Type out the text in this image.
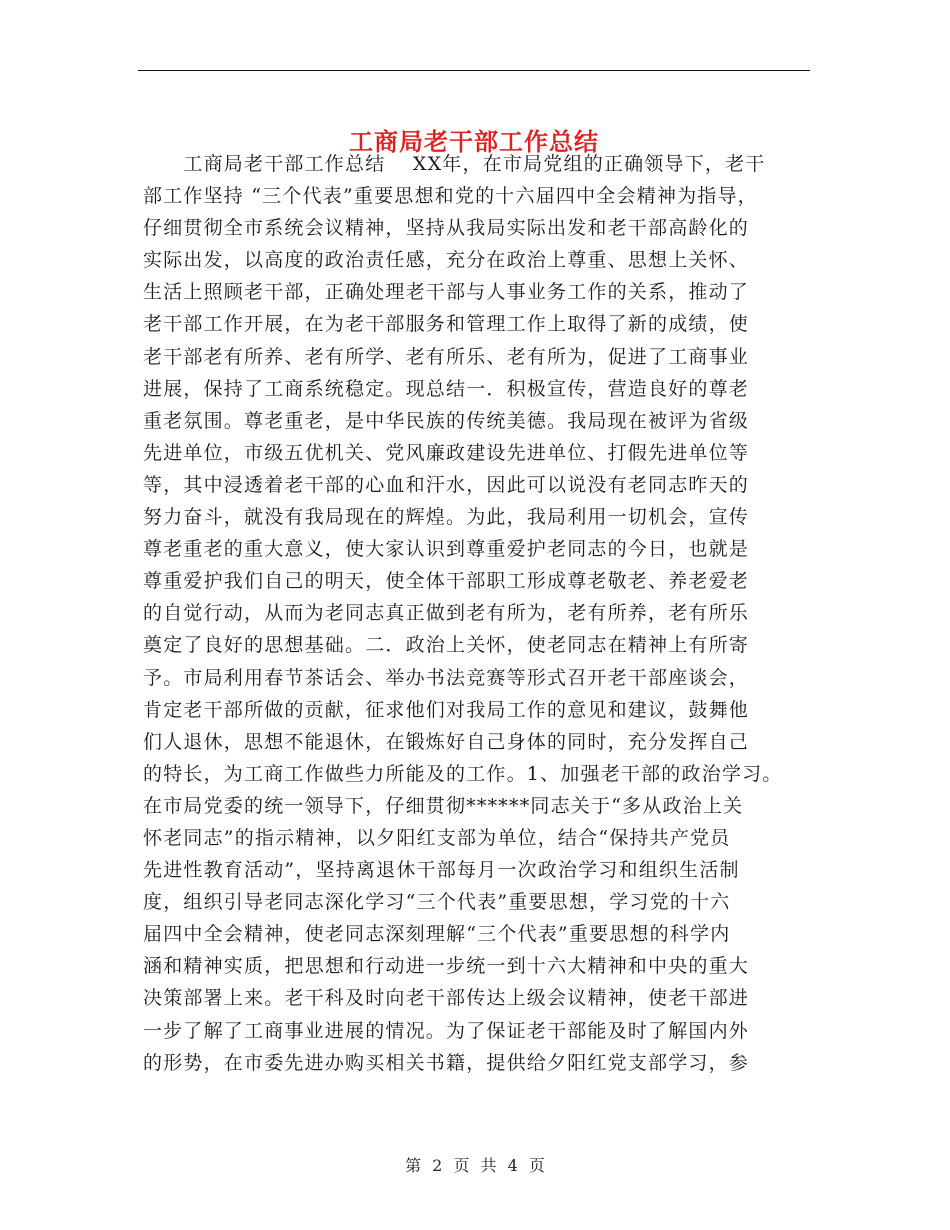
工商局老干部工作总结
　　工商局老干部工作总结　 XX年，在市局党组的正确领导下，老干
部工作坚持 “三个代表”重要思想和党的十六届四中全会精神为指导，
仔细贯彻全市系统会议精神，坚持从我局实际出发和老干部高龄化的
实际出发，以高度的政治责任感，充分在政治上尊重、思想上关怀、
生活上照顾老干部，正确处理老干部与人事业务工作的关系，推动了
老干部工作开展，在为老干部服务和管理工作上取得了新的成绩，使
老干部老有所养、老有所学、老有所乐、老有所为，促进了工商事业
进展，保持了工商系统稳定。现总结一．积极宣传，营造良好的尊老
重老氛围。尊老重老，是中华民族的传统美德。我局现在被评为省级
先进单位，市级五优机关、党风廉政建设先进单位、打假先进单位等
等，其中浸透着老干部的心血和汗水，因此可以说没有老同志昨天的
努力奋斗，就没有我局现在的辉煌。为此，我局利用一切机会，宣传
尊老重老的重大意义，使大家认识到尊重爱护老同志的今日，也就是
尊重爱护我们自己的明天，使全体干部职工形成尊老敬老、养老爱老
的自觉行动，从而为老同志真正做到老有所为，老有所养，老有所乐
奠定了良好的思想基础。二．政治上关怀，使老同志在精神上有所寄
予。市局利用春节茶话会、举办书法竞赛等形式召开老干部座谈会，
肯定老干部所做的贡献，征求他们对我局工作的意见和建议，鼓舞他
们人退休，思想不能退休，在锻炼好自己身体的同时，充分发挥自己
的特长，为工商工作做些力所能及的工作。1、加强老干部的政治学习。
在市局党委的统一领导下，仔细贯彻******同志关于“多从政治上关
怀老同志”的指示精神，以夕阳红支部为单位，结合“保持共产党员
先进性教育活动”，坚持离退休干部每月一次政治学习和组织生活制
度，组织引导老同志深化学习“三个代表”重要思想，学习党的十六
届四中全会精神，使老同志深刻理解“三个代表”重要思想的科学内
涵和精神实质，把思想和行动进一步统一到十六大精神和中央的重大
决策部署上来。老干科及时向老干部传达上级会议精神，使老干部进
一步了解了工商事业进展的情况。为了保证老干部能及时了解国内外
的形势，在市委先进办购买相关书籍，提供给夕阳红党支部学习，参
第 2 页 共 4 页
